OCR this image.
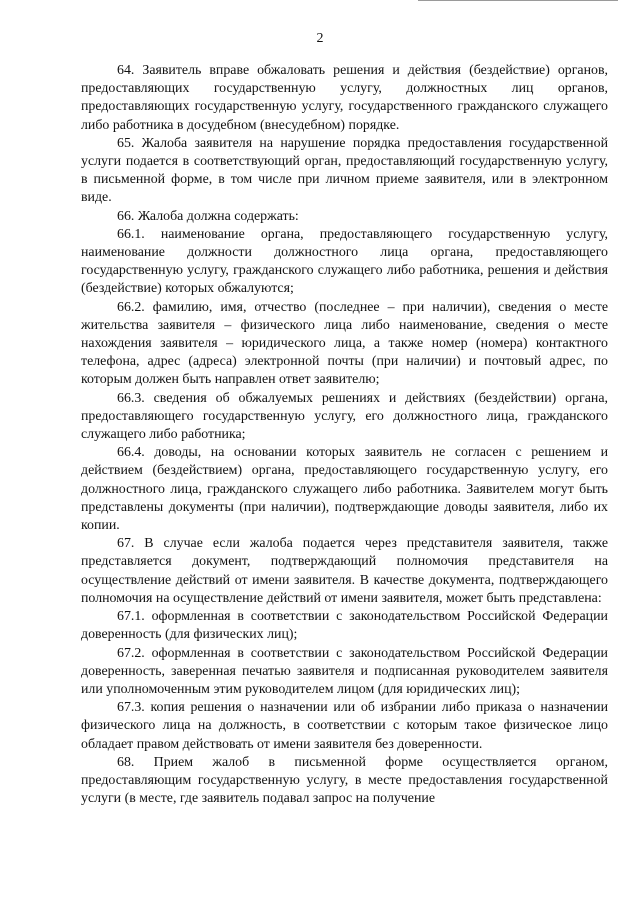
2

64. Заявитель вправе обжаловать решения и действия (бездействие) органов, предоставляющих государственную услугу, должностных лиц органов, предоставляющих государственную услугу, государственного гражданского служащего либо работника в досудебном (внесудебном) порядке.

65. Жалоба заявителя на нарушение порядка предоставления государственной услуги подается в соответствующий орган, предоставляющий государственную услугу, в письменной форме, в том числе при личном приеме заявителя, или в электронном виде.

66. Жалоба должна содержать:

66.1. наименование органа, предоставляющего государственную услугу, наименование должности должностного лица органа, предоставляющего государственную услугу, гражданского служащего либо работника, решения и действия (бездействие) которых обжалуются;

66.2. фамилию, имя, отчество (последнее – при наличии), сведения о месте жительства заявителя – физического лица либо наименование, сведения о месте нахождения заявителя – юридического лица, а также номер (номера) контактного телефона, адрес (адреса) электронной почты (при наличии) и почтовый адрес, по которым должен быть направлен ответ заявителю;

66.3. сведения об обжалуемых решениях и действиях (бездействии) органа, предоставляющего государственную услугу, его должностного лица, гражданского служащего либо работника;

66.4. доводы, на основании которых заявитель не согласен с решением и действием (бездействием) органа, предоставляющего государственную услугу, его должностного лица, гражданского служащего либо работника. Заявителем могут быть представлены документы (при наличии), подтверждающие доводы заявителя, либо их копии.

67. В случае если жалоба подается через представителя заявителя, также представляется документ, подтверждающий полномочия представителя на осуществление действий от имени заявителя. В качестве документа, подтверждающего полномочия на осуществление действий от имени заявителя, может быть представлена:

67.1. оформленная в соответствии с законодательством Российской Федерации доверенность (для физических лиц);

67.2. оформленная в соответствии с законодательством Российской Федерации доверенность, заверенная печатью заявителя и подписанная руководителем заявителя или уполномоченным этим руководителем лицом (для юридических лиц);

67.3. копия решения о назначении или об избрании либо приказа о назначении физического лица на должность, в соответствии с которым такое физическое лицо обладает правом действовать от имени заявителя без доверенности.

68. Прием жалоб в письменной форме осуществляется органом, предоставляющим государственную услугу, в месте предоставления государственной услуги (в месте, где заявитель подавал запрос на получение
